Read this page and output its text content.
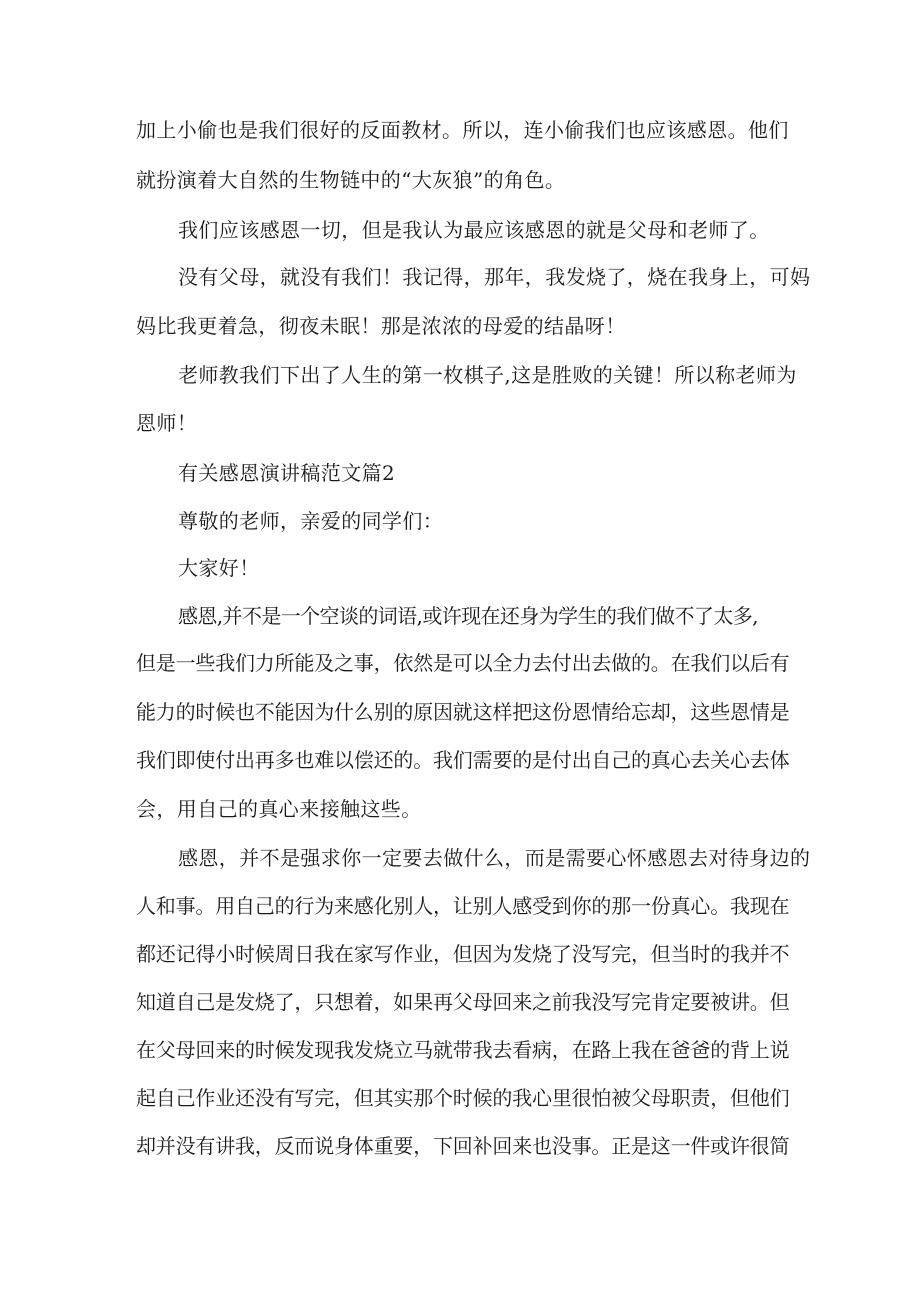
加上小偷也是我们很好的反面教材。所以，连小偷我们也应该感恩。他们
就扮演着大自然的生物链中的“大灰狼”的角色。
我们应该感恩一切，但是我认为最应该感恩的就是父母和老师了。
没有父母，就没有我们！我记得，那年，我发烧了，烧在我身上，可妈
妈比我更着急，彻夜未眠！那是浓浓的母爱的结晶呀！
老师教我们下出了人生的第一枚棋子,这是胜败的关键！所以称老师为
恩师！
有关感恩演讲稿范文篇2
尊敬的老师，亲爱的同学们：
大家好！
感恩,并不是一个空谈的词语,或许现在还身为学生的我们做不了太多,
但是一些我们力所能及之事，依然是可以全力去付出去做的。在我们以后有
能力的时候也不能因为什么别的原因就这样把这份恩情给忘却，这些恩情是
我们即使付出再多也难以偿还的。我们需要的是付出自己的真心去关心去体
会，用自己的真心来接触这些。
感恩，并不是强求你一定要去做什么，而是需要心怀感恩去对待身边的
人和事。用自己的行为来感化别人，让别人感受到你的那一份真心。我现在
都还记得小时候周日我在家写作业，但因为发烧了没写完，但当时的我并不
知道自己是发烧了，只想着，如果再父母回来之前我没写完肯定要被讲。但
在父母回来的时候发现我发烧立马就带我去看病，在路上我在爸爸的背上说
起自己作业还没有写完，但其实那个时候的我心里很怕被父母职责，但他们
却并没有讲我，反而说身体重要，下回补回来也没事。正是这一件或许很简
